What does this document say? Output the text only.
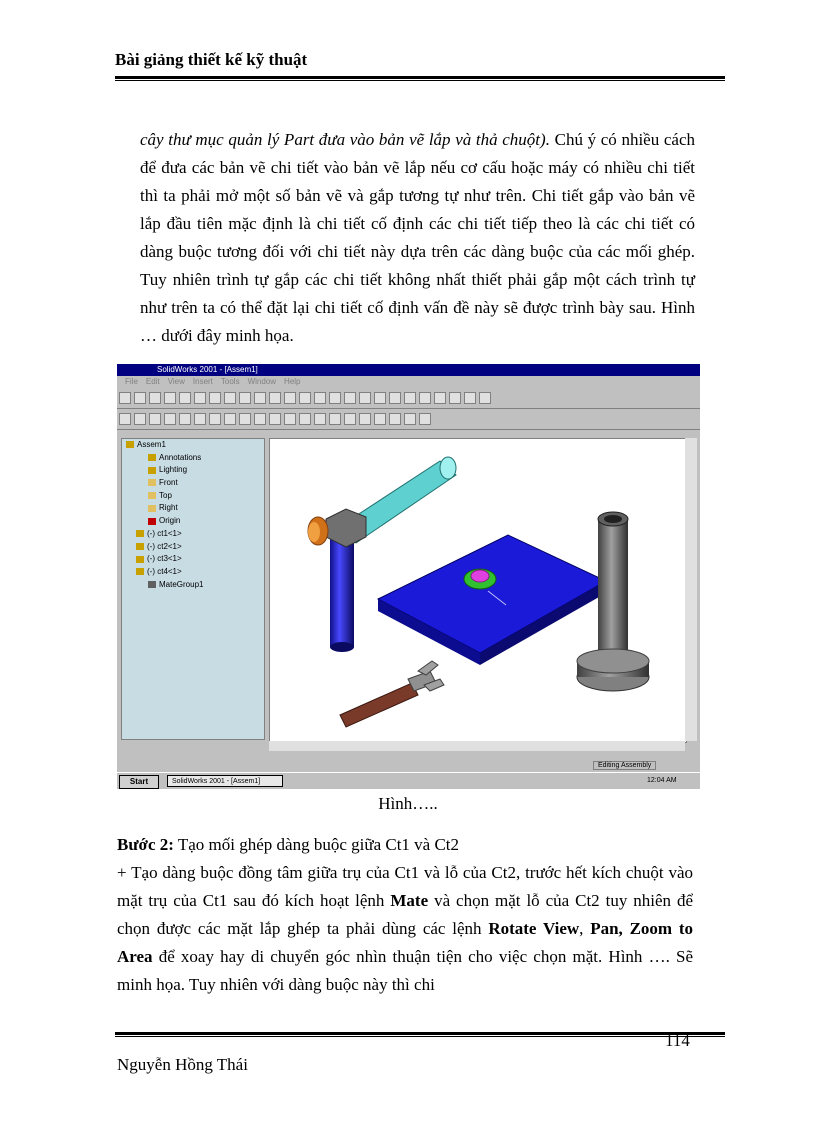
Bài giảng thiết kế kỹ thuật
cây thư mục quản lý Part đưa vào bản vẽ lắp và thả chuột). Chú ý có nhiều cách để đưa các bản vẽ chi tiết vào bản vẽ lắp nếu cơ cấu hoặc máy có nhiều chi tiết thì ta phải mở một số bản vẽ và gắp tương tự như trên. Chi tiết gắp vào bản vẽ lắp đầu tiên mặc định là chi tiết cố định các chi tiết tiếp theo là các chi tiết có dàng buộc tương đối với chi tiết này dựa trên các dàng buộc của các mối ghép. Tuy nhiên trình tự gắp các chi tiết không nhất thiết phải gắp một cách trình tự như trên ta có thể đặt lại chi tiết cố định vấn đề này sẽ được trình bày sau. Hình … dưới đây minh họa.
SolidWorks 2001 - [Assem1]
File Edit View Insert Tools Window Help
Assem1
Annotations
Lighting
Front
Top
Right
Origin
(-) ct1<1>
(-) ct2<1>
(-) ct3<1>
(-) ct4<1>
MateGroup1
Editing Assembly
Start	SolidWorks 2001 - [Assem1]	12:04 AM
Hình…..
Bước 2: Tạo mối ghép dàng buộc giữa Ct1 và Ct2
+ Tạo dàng buộc đồng tâm giữa trụ của Ct1 và lỗ của Ct2, trước hết kích chuột vào mặt trụ của Ct1 sau đó kích hoạt lệnh Mate và chọn mặt lỗ của Ct2 tuy nhiên để chọn được các mặt lắp ghép ta phải dùng các lệnh Rotate View, Pan, Zoom to Area để xoay hay di chuyển góc nhìn thuận tiện cho việc chọn mặt. Hình …. Sẽ minh họa. Tuy nhiên với dàng buộc này thì chi
114
Nguyễn Hồng Thái
